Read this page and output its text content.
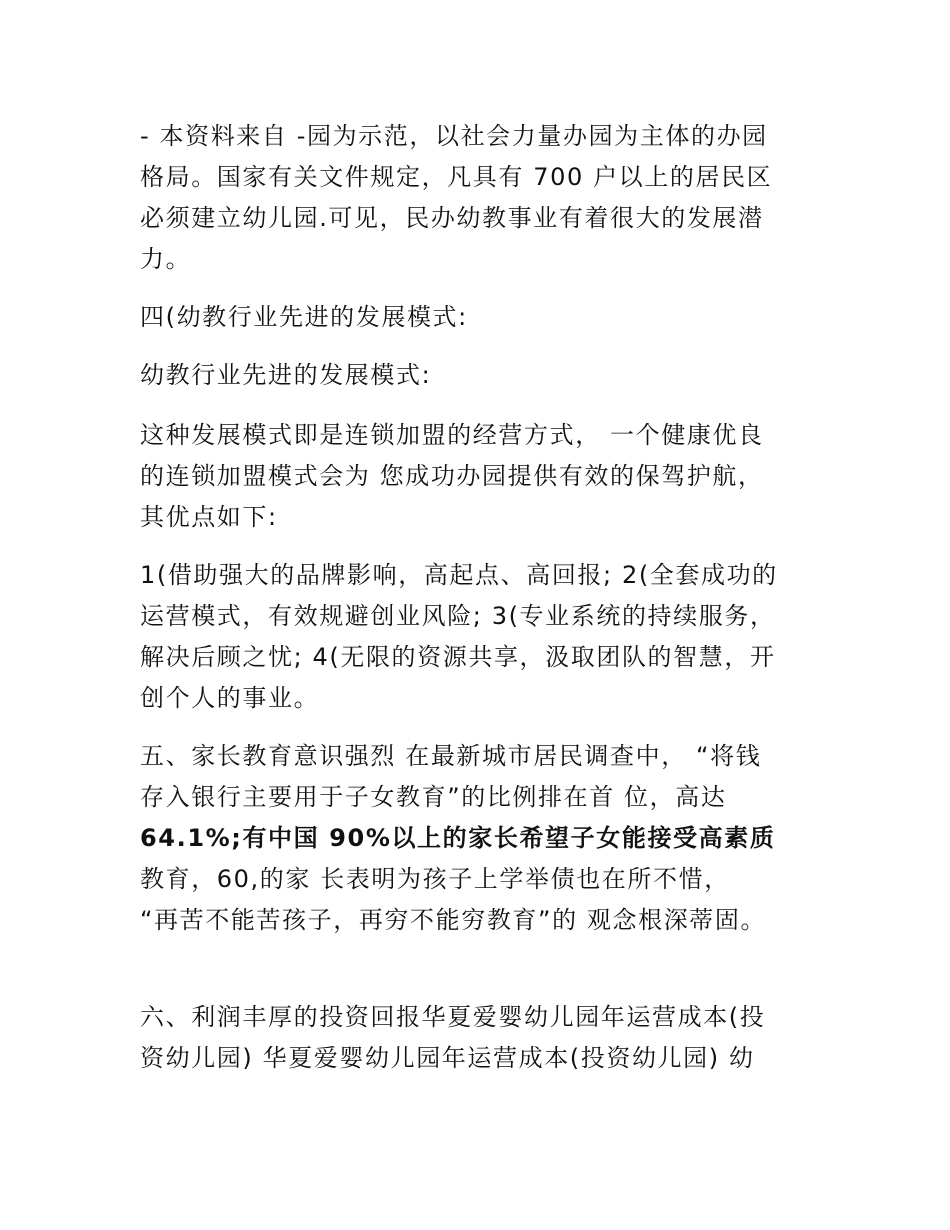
- 本资料来自 -园为示范，以社会力量办园为主体的办园
格局。国家有关文件规定，凡具有 700 户以上的居民区
必须建立幼儿园.可见，民办幼教事业有着很大的发展潜
力。

四(幼教行业先进的发展模式:

幼教行业先进的发展模式:

这种发展模式即是连锁加盟的经营方式， 一个健康优良
的连锁加盟模式会为 您成功办园提供有效的保驾护航，
其优点如下:

1(借助强大的品牌影响，高起点、高回报; 2(全套成功的
运营模式，有效规避创业风险; 3(专业系统的持续服务，
解决后顾之忧; 4(无限的资源共享，汲取团队的智慧，开
创个人的事业。

五、家长教育意识强烈 在最新城市居民调查中， “将钱
存入银行主要用于子女教育”的比例排在首 位，高达
64.1%;有中国 90%以上的家长希望子女能接受高素质
教育，60,的家 长表明为孩子上学举债也在所不惜，
“再苦不能苦孩子，再穷不能穷教育”的 观念根深蒂固。

六、利润丰厚的投资回报华夏爱婴幼儿园年运营成本(投
资幼儿园) 华夏爱婴幼儿园年运营成本(投资幼儿园) 幼
